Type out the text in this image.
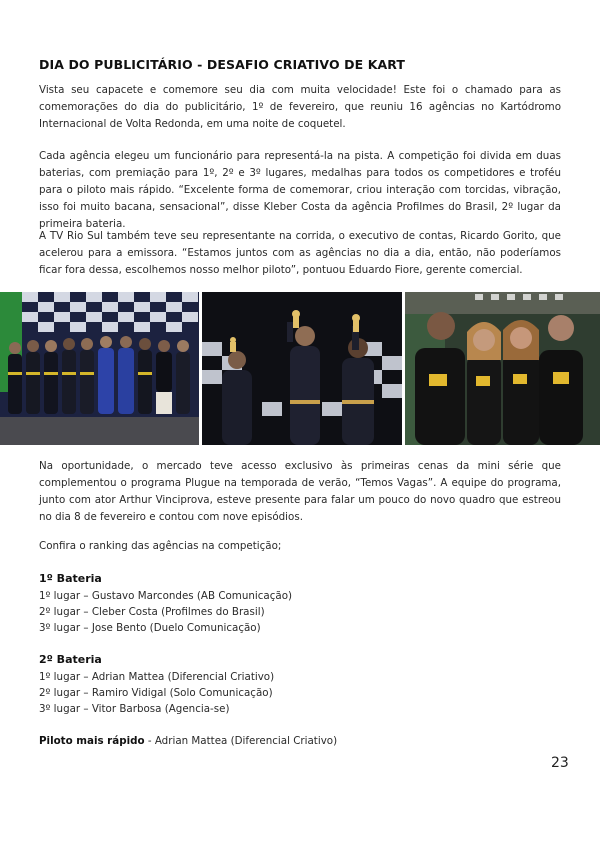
DIA DO PUBLICITÁRIO - DESAFIO CRIATIVO DE KART

Vista seu capacete e comemore seu dia com muita velocidade! Este foi o chamado para as comemorações do dia do publicitário, 1º de fevereiro, que reuniu 16 agências no Kartódromo Internacional de Volta Redonda, em uma noite de coquetel.

Cada agência elegeu um funcionário para representá-la na pista. A competição foi divida em duas baterias, com premiação para 1º, 2º e 3º lugares, medalhas para todos os competidores e troféu para o piloto mais rápido. “Excelente forma de comemorar, criou interação com torcidas, vibração, isso foi muito bacana, sensacional”, disse Kleber Costa da agência Profilmes do Brasil, 2º lugar da primeira bateria.

A TV Rio Sul também teve seu representante na corrida, o executivo de contas, Ricardo Gorito, que acelerou para a emissora. “Estamos juntos com as agências no dia a dia, então, não poderíamos ficar fora dessa, escolhemos nosso melhor piloto”, pontuou Eduardo Fiore, gerente comercial.

Na oportunidade, o mercado teve acesso exclusivo às primeiras cenas da mini série que complementou o programa Plugue na temporada de verão, “Temos Vagas”. A equipe do programa, junto com ator Arthur Vinciprova, esteve presente para falar um pouco do novo quadro que estreou no dia 8 de fevereiro e contou com nove episódios.

Confira o ranking das agências na competição;

1º Bateria

1º lugar – Gustavo Marcondes (AB Comunicação)

2º lugar – Cleber Costa (Profilmes do Brasil)

3º lugar – Jose Bento (Duelo Comunicação)

2º Bateria

1º lugar – Adrian Mattea (Diferencial Criativo)

2º lugar – Ramiro Vidigal (Solo Comunicação)

3º lugar – Vitor Barbosa (Agencia-se)

Piloto mais rápido - Adrian Mattea (Diferencial Criativo)

23
